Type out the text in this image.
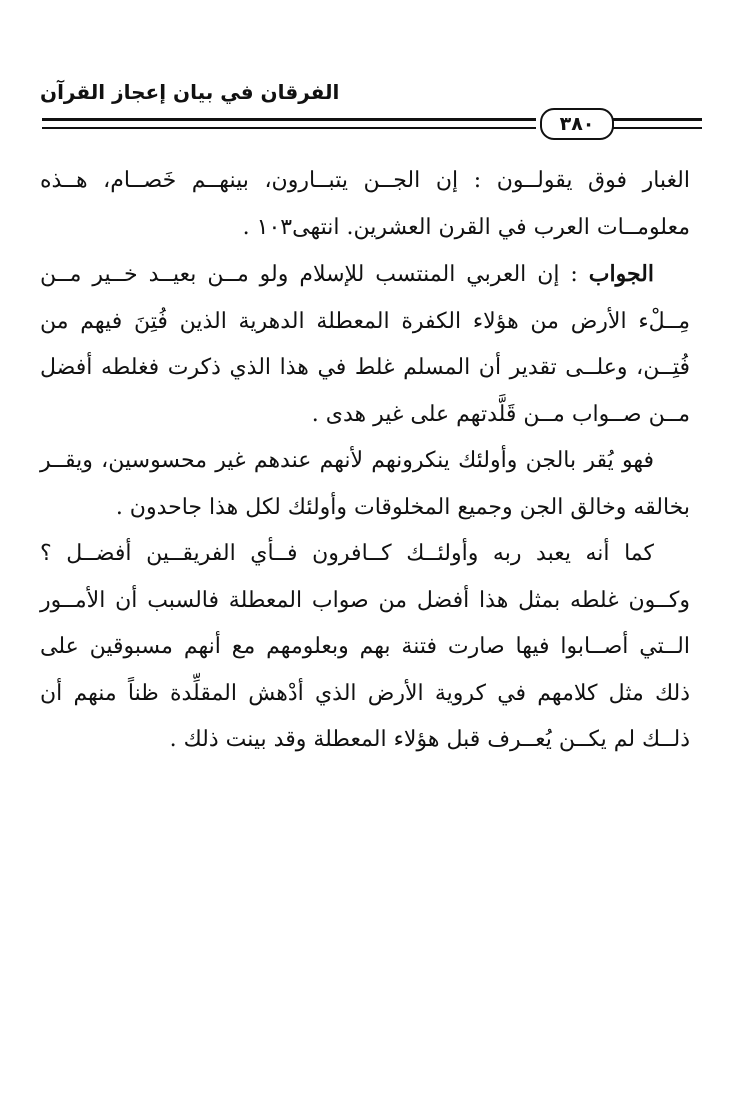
الفرقان في بيان إعجاز القرآن
٣٨٠

الغبار فوق يقولــون : إن الجــن يتبــارون، بينهــم خَصــام، هــذه معلومــات العرب في القرن العشرين. انتهى١٠٣ .

الجواب : إن العربي المنتسب للإسلام ولو مــن بعيــد خــير مــن مِــلْء الأرض من هؤلاء الكفرة المعطلة الدهرية الذين فُتِنَ فيهم من فُتِــن، وعلــى تقدير أن المسلم غلط في هذا الذي ذكرت فغلطه أفضل مــن صــواب مــن قَلَّدتهم على غير هدى .

فهو يُقر بالجن وأولئك ينكرونهم لأنهم عندهم غير محسوسين، ويقــر بخالقه وخالق الجن وجميع المخلوقات وأولئك لكل هذا جاحدون .

كما أنه يعبد ربه وأولئــك كــافرون فــأي الفريقــين أفضــل ؟ وكــون غلطه بمثل هذا أفضل من صواب المعطلة فالسبب أن الأمــور الــتي أصــابوا فيها صارت فتنة بهم وبعلومهم مع أنهم مسبوقين على ذلك مثل كلامهم في كروية الأرض الذي أدْهش المقلِّدة ظناً منهم أن ذلــك لم يكــن يُعــرف قبل هؤلاء المعطلة وقد بينت ذلك .
